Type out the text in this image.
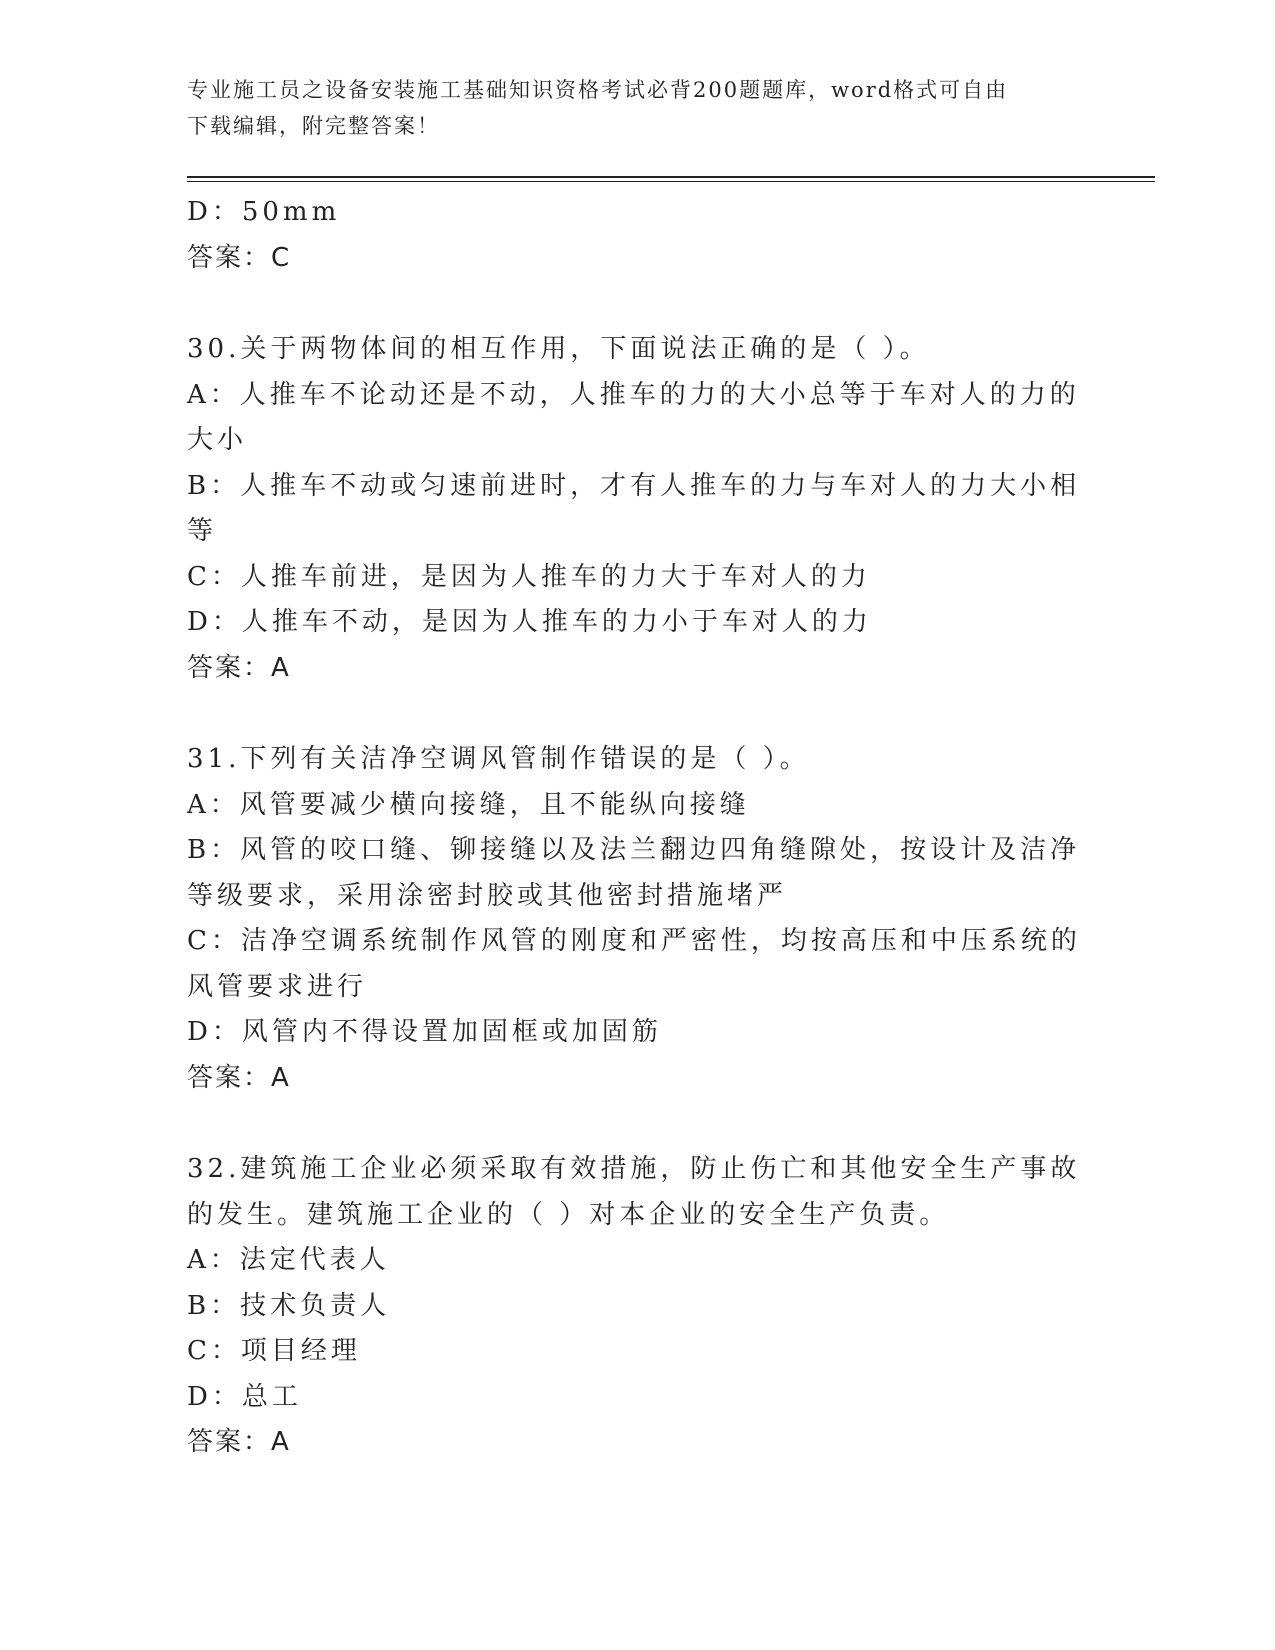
专业施工员之设备安装施工基础知识资格考试必背200题题库，word格式可自由
下载编辑，附完整答案！
D：50mm
答案：C
30.关于两物体间的相互作用，下面说法正确的是（ ）。
A：人推车不论动还是不动，人推车的力的大小总等于车对人的力的大小
B：人推车不动或匀速前进时，才有人推车的力与车对人的力大小相等
C：人推车前进，是因为人推车的力大于车对人的力
D：人推车不动，是因为人推车的力小于车对人的力
答案：A
31.下列有关洁净空调风管制作错误的是（ ）。
A：风管要减少横向接缝，且不能纵向接缝
B：风管的咬口缝、铆接缝以及法兰翻边四角缝隙处，按设计及洁净等级要求，采用涂密封胶或其他密封措施堵严
C：洁净空调系统制作风管的刚度和严密性，均按高压和中压系统的风管要求进行
D：风管内不得设置加固框或加固筋
答案：A
32.建筑施工企业必须采取有效措施，防止伤亡和其他安全生产事故的发生。建筑施工企业的（ ）对本企业的安全生产负责。
A：法定代表人
B：技术负责人
C：项目经理
D：总工
答案：A
